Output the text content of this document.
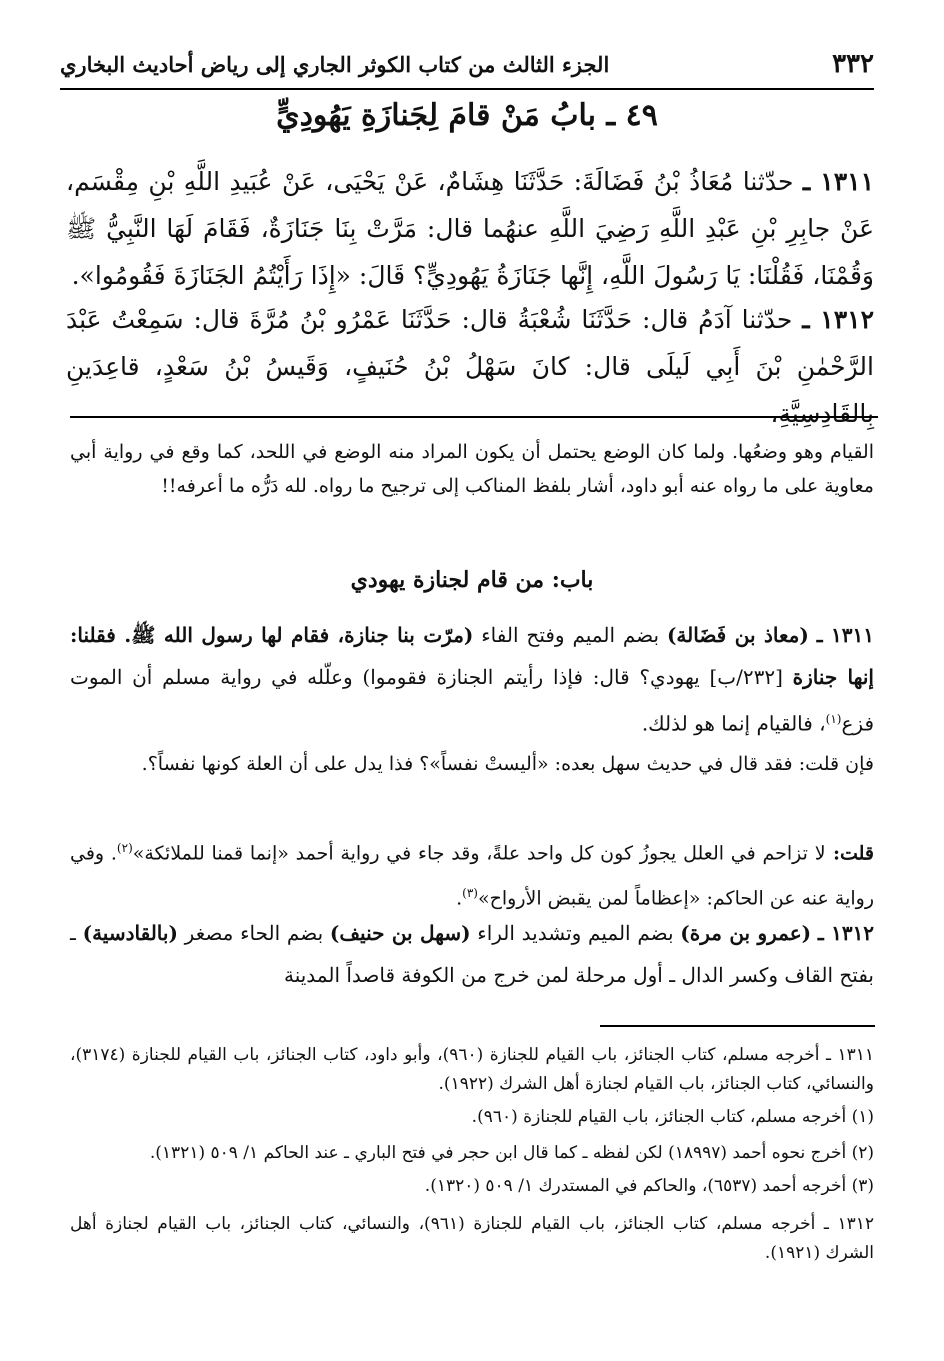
٣٣٢
الجزء الثالث من كتاب الكوثر الجاري إلى رياض أحاديث البخاري
٤٩ ـ بابُ مَنْ قامَ لِجَنازَةِ يَهُودِيٍّ

١٣١١ ـ حدّثنا مُعَاذُ بْنُ فَضَالَةَ: حَدَّثَنَا هِشَامٌ، عَنْ يَحْيَى، عَنْ عُبَيدِ اللَّهِ بْنِ مِقْسَم، عَنْ جابِرِ بْنِ عَبْدِ اللَّهِ رَضِيَ اللَّهِ عنهُما قال: مَرَّتْ بِنَا جَنَازَةٌ، فَقَامَ لَهَا النَّبِيُّ ﷺ وَقُمْنَا، فَقُلْنَا: يَا رَسُولَ اللَّهِ، إِنَّها جَنَازَةُ يَهُودِيٍّ؟ قَالَ: «إِذَا رَأَيْتُمُ الجَنَازَةَ فَقُومُوا».

١٣١٢ ـ حدّثنا آدَمُ قال: حَدَّثَنَا شُعْبَةُ قال: حَدَّثَنَا عَمْرُو بْنُ مُرَّةَ قال: سَمِعْتُ عَبْدَ الرَّحْمٰنِ بْنَ أَبِي لَيلَى قال: كانَ سَهْلُ بْنُ حُنَيفٍ، وَقَيسُ بْنُ سَعْدٍ، قاعِدَينِ بِالقَادِسِيَّةِ،

القيام وهو وضعُها. ولما كان الوضع يحتمل أن يكون المراد منه الوضع في اللحد، كما وقع في رواية أبي معاوية على ما رواه عنه أبو داود، أشار بلفظ المناكب إلى ترجيح ما رواه. لله دَرُّه ما أعرفه!!

باب: من قام لجنازة يهودي

١٣١١ ـ (معاذ بن فَضَالة) بضم الميم وفتح الفاء (مرّت بنا جنازة، فقام لها رسول الله ﷺ. فقلنا: إنها جنازة [٢٣٢/ب] يهودي؟ قال: فإذا رأيتم الجنازة فقوموا) وعلّله في رواية مسلم أن الموت فزع$^{(١)}$، فالقيام إنما هو لذلك.

فإن قلت: فقد قال في حديث سهل بعده: «أليستْ نفساً»؟ فذا يدل على أن العلة كونها نفساً؟.

قلت: لا تزاحم في العلل يجوزُ كون كل واحد علةً، وقد جاء في رواية أحمد «إنما قمنا للملائكة»$^{(٢)}$. وفي رواية عنه عن الحاكم: «إعظاماً لمن يقبض الأرواح»$^{(٣)}$.

١٣١٢ ـ (عمرو بن مرة) بضم الميم وتشديد الراء (سهل بن حنيف) بضم الحاء مصغر (بالقادسية) ـ بفتح القاف وكسر الدال ـ أول مرحلة لمن خرج من الكوفة قاصداً المدينة

١٣١١ ـ أخرجه مسلم، كتاب الجنائز، باب القيام للجنازة (٩٦٠)، وأبو داود، كتاب الجنائز، باب القيام للجنازة (٣١٧٤)، والنسائي، كتاب الجنائز، باب القيام لجنازة أهل الشرك (١٩٢٢).

(١) أخرجه مسلم، كتاب الجنائز، باب القيام للجنازة (٩٦٠).

(٢) أخرج نحوه أحمد (١٨٩٩٧) لكن لفظه ـ كما قال ابن حجر في فتح الباري ـ عند الحاكم ١/ ٥٠٩ (١٣٢١).

(٣) أخرجه أحمد (٦٥٣٧)، والحاكم في المستدرك ١/ ٥٠٩ (١٣٢٠).

١٣١٢ ـ أخرجه مسلم، كتاب الجنائز، باب القيام للجنازة (٩٦١)، والنسائي، كتاب الجنائز، باب القيام لجنازة أهل الشرك (١٩٢١).
